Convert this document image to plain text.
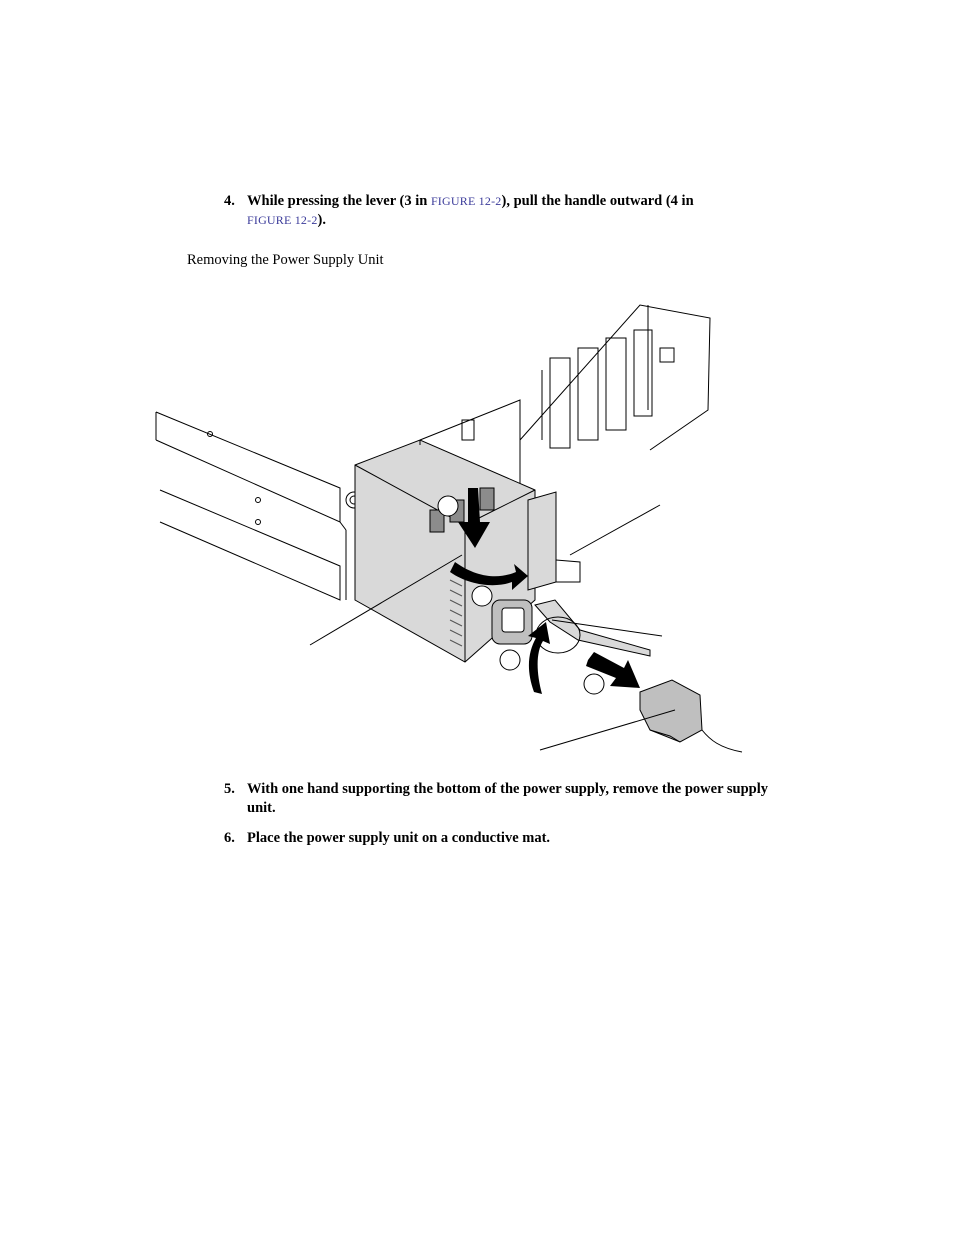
4. While pressing the lever (3 in FIGURE 12-2), pull the handle outward (4 in
FIGURE 12-2).
Removing the Power Supply Unit
5. With one hand supporting the bottom of the power supply, remove the power supply unit.
6. Place the power supply unit on a conductive mat.
